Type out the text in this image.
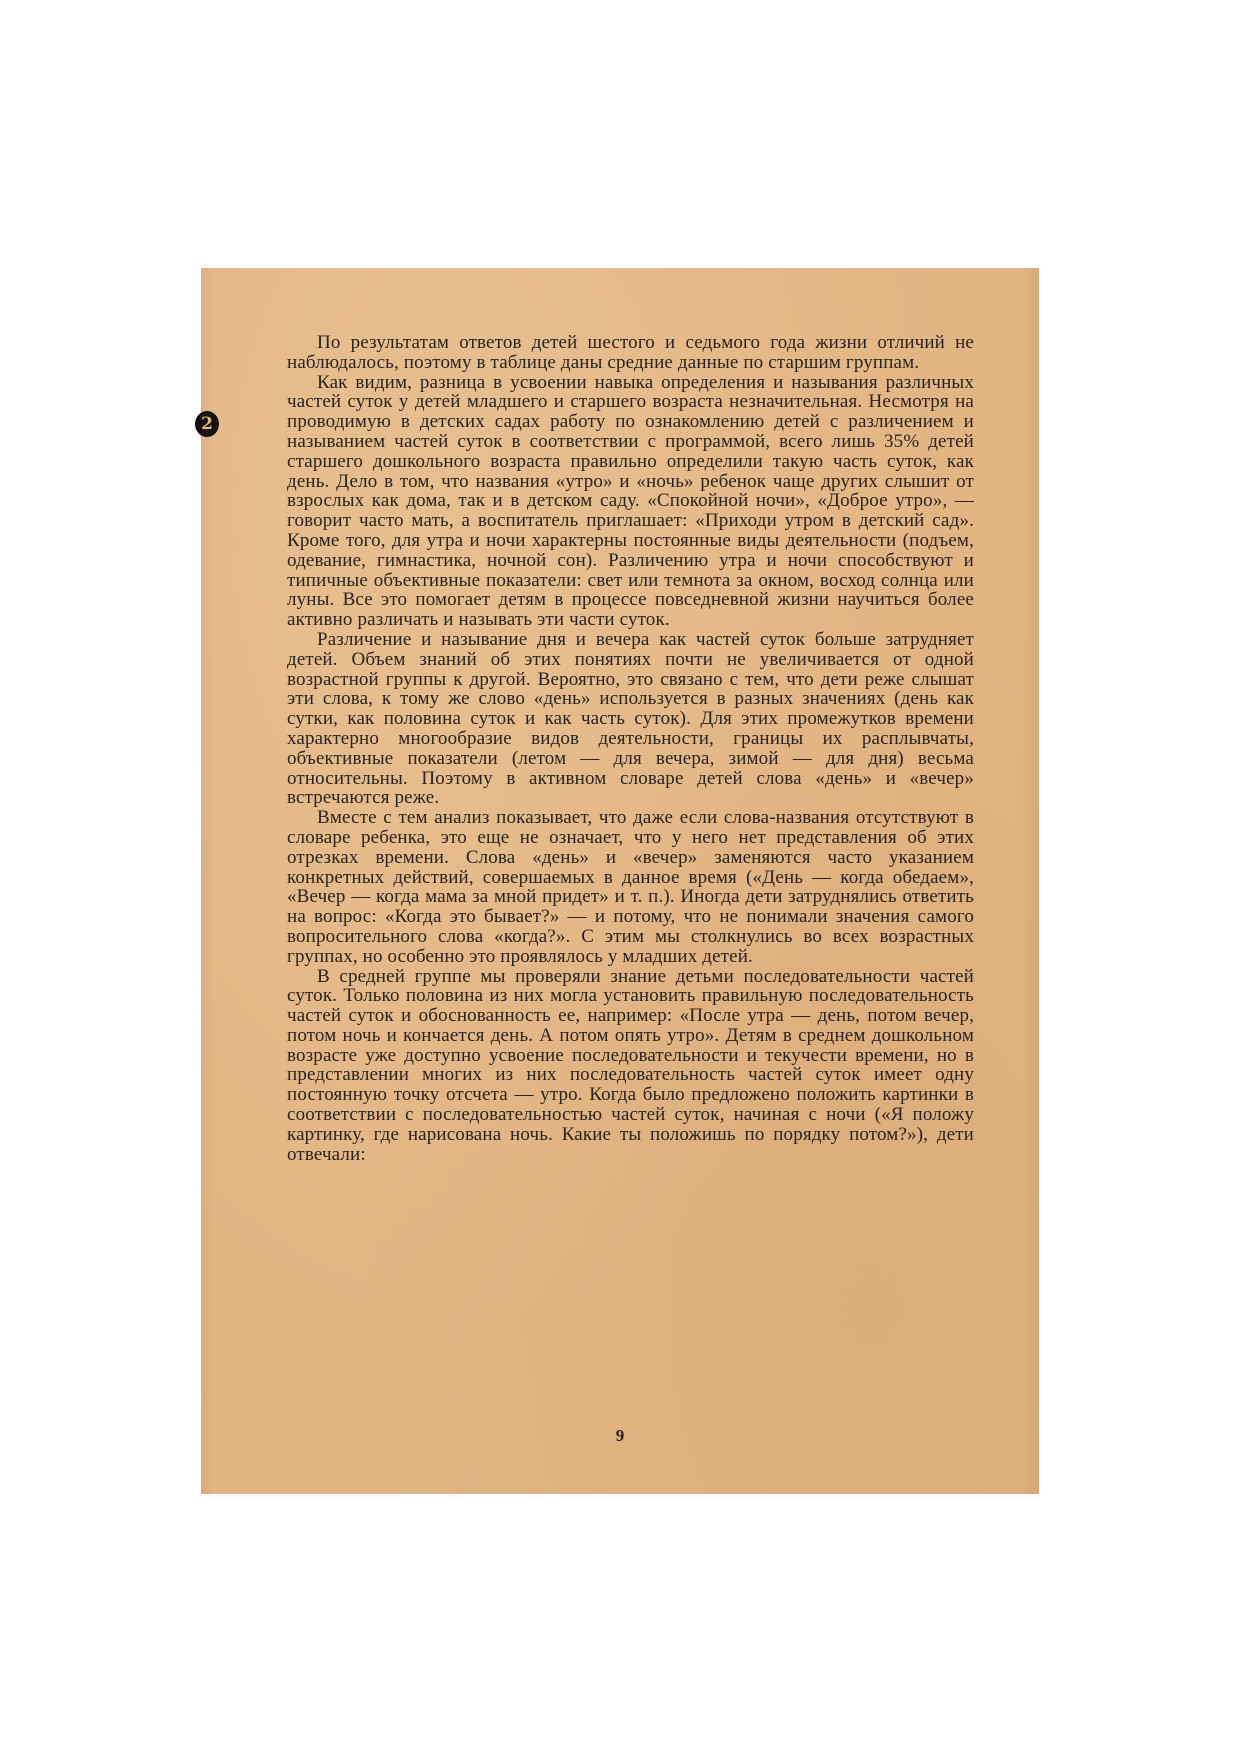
2

По результатам ответов детей шестого и седьмого года жизни отличий не наблюдалось, поэтому в таблице даны средние данные по старшим группам.

Как видим, разница в усвоении навыка определения и называния различных частей суток у детей младшего и старшего возраста незначительная. Несмотря на проводимую в детских садах работу по ознакомлению детей с различением и называнием частей суток в соответствии с программой, всего лишь 35% детей старшего дошкольного возраста правильно определили такую часть суток, как день. Дело в том, что названия «утро» и «ночь» ребенок чаще других слышит от взрослых как дома, так и в детском саду. «Спокойной ночи», «Доброе утро», — говорит часто мать, а воспитатель приглашает: «Приходи утром в детский сад». Кроме того, для утра и ночи характерны постоянные виды деятельности (подъем, одевание, гимнастика, ночной сон). Различению утра и ночи способствуют и типичные объективные показатели: свет или темнота за окном, восход солнца или луны. Все это помогает детям в процессе повседневной жизни научиться более активно различать и называть эти части суток.

Различение и называние дня и вечера как частей суток больше затрудняет детей. Объем знаний об этих понятиях почти не увеличивается от одной возрастной группы к другой. Вероятно, это связано с тем, что дети реже слышат эти слова, к тому же слово «день» используется в разных значениях (день как сутки, как половина суток и как часть суток). Для этих промежутков времени характерно многообразие видов деятельности, границы их расплывчаты, объективные показатели (летом — для вечера, зимой — для дня) весьма относительны. Поэтому в активном словаре детей слова «день» и «вечер» встречаются реже.

Вместе с тем анализ показывает, что даже если слова-названия отсутствуют в словаре ребенка, это еще не означает, что у него нет представления об этих отрезках времени. Слова «день» и «вечер» заменяются часто указанием конкретных действий, совершаемых в данное время («День — когда обедаем», «Вечер — когда мама за мной придет» и т. п.). Иногда дети затруднялись ответить на вопрос: «Когда это бывает?» — и потому, что не понимали значения самого вопросительного слова «когда?». С этим мы столкнулись во всех возрастных группах, но особенно это проявлялось у младших детей.

В средней группе мы проверяли знание детьми последовательности частей суток. Только половина из них могла установить правильную последовательность частей суток и обоснованность ее, например: «После утра — день, потом вечер, потом ночь и кончается день. А потом опять утро». Детям в среднем дошкольном возрасте уже доступно усвоение последовательности и текучести времени, но в представлении многих из них последовательность частей суток имеет одну постоянную точку отсчета — утро. Когда было предложено положить картинки в соответствии с последовательностью частей суток, начиная с ночи («Я положу картинку, где нарисована ночь. Какие ты положишь по порядку потом?»), дети отвечали:

9
